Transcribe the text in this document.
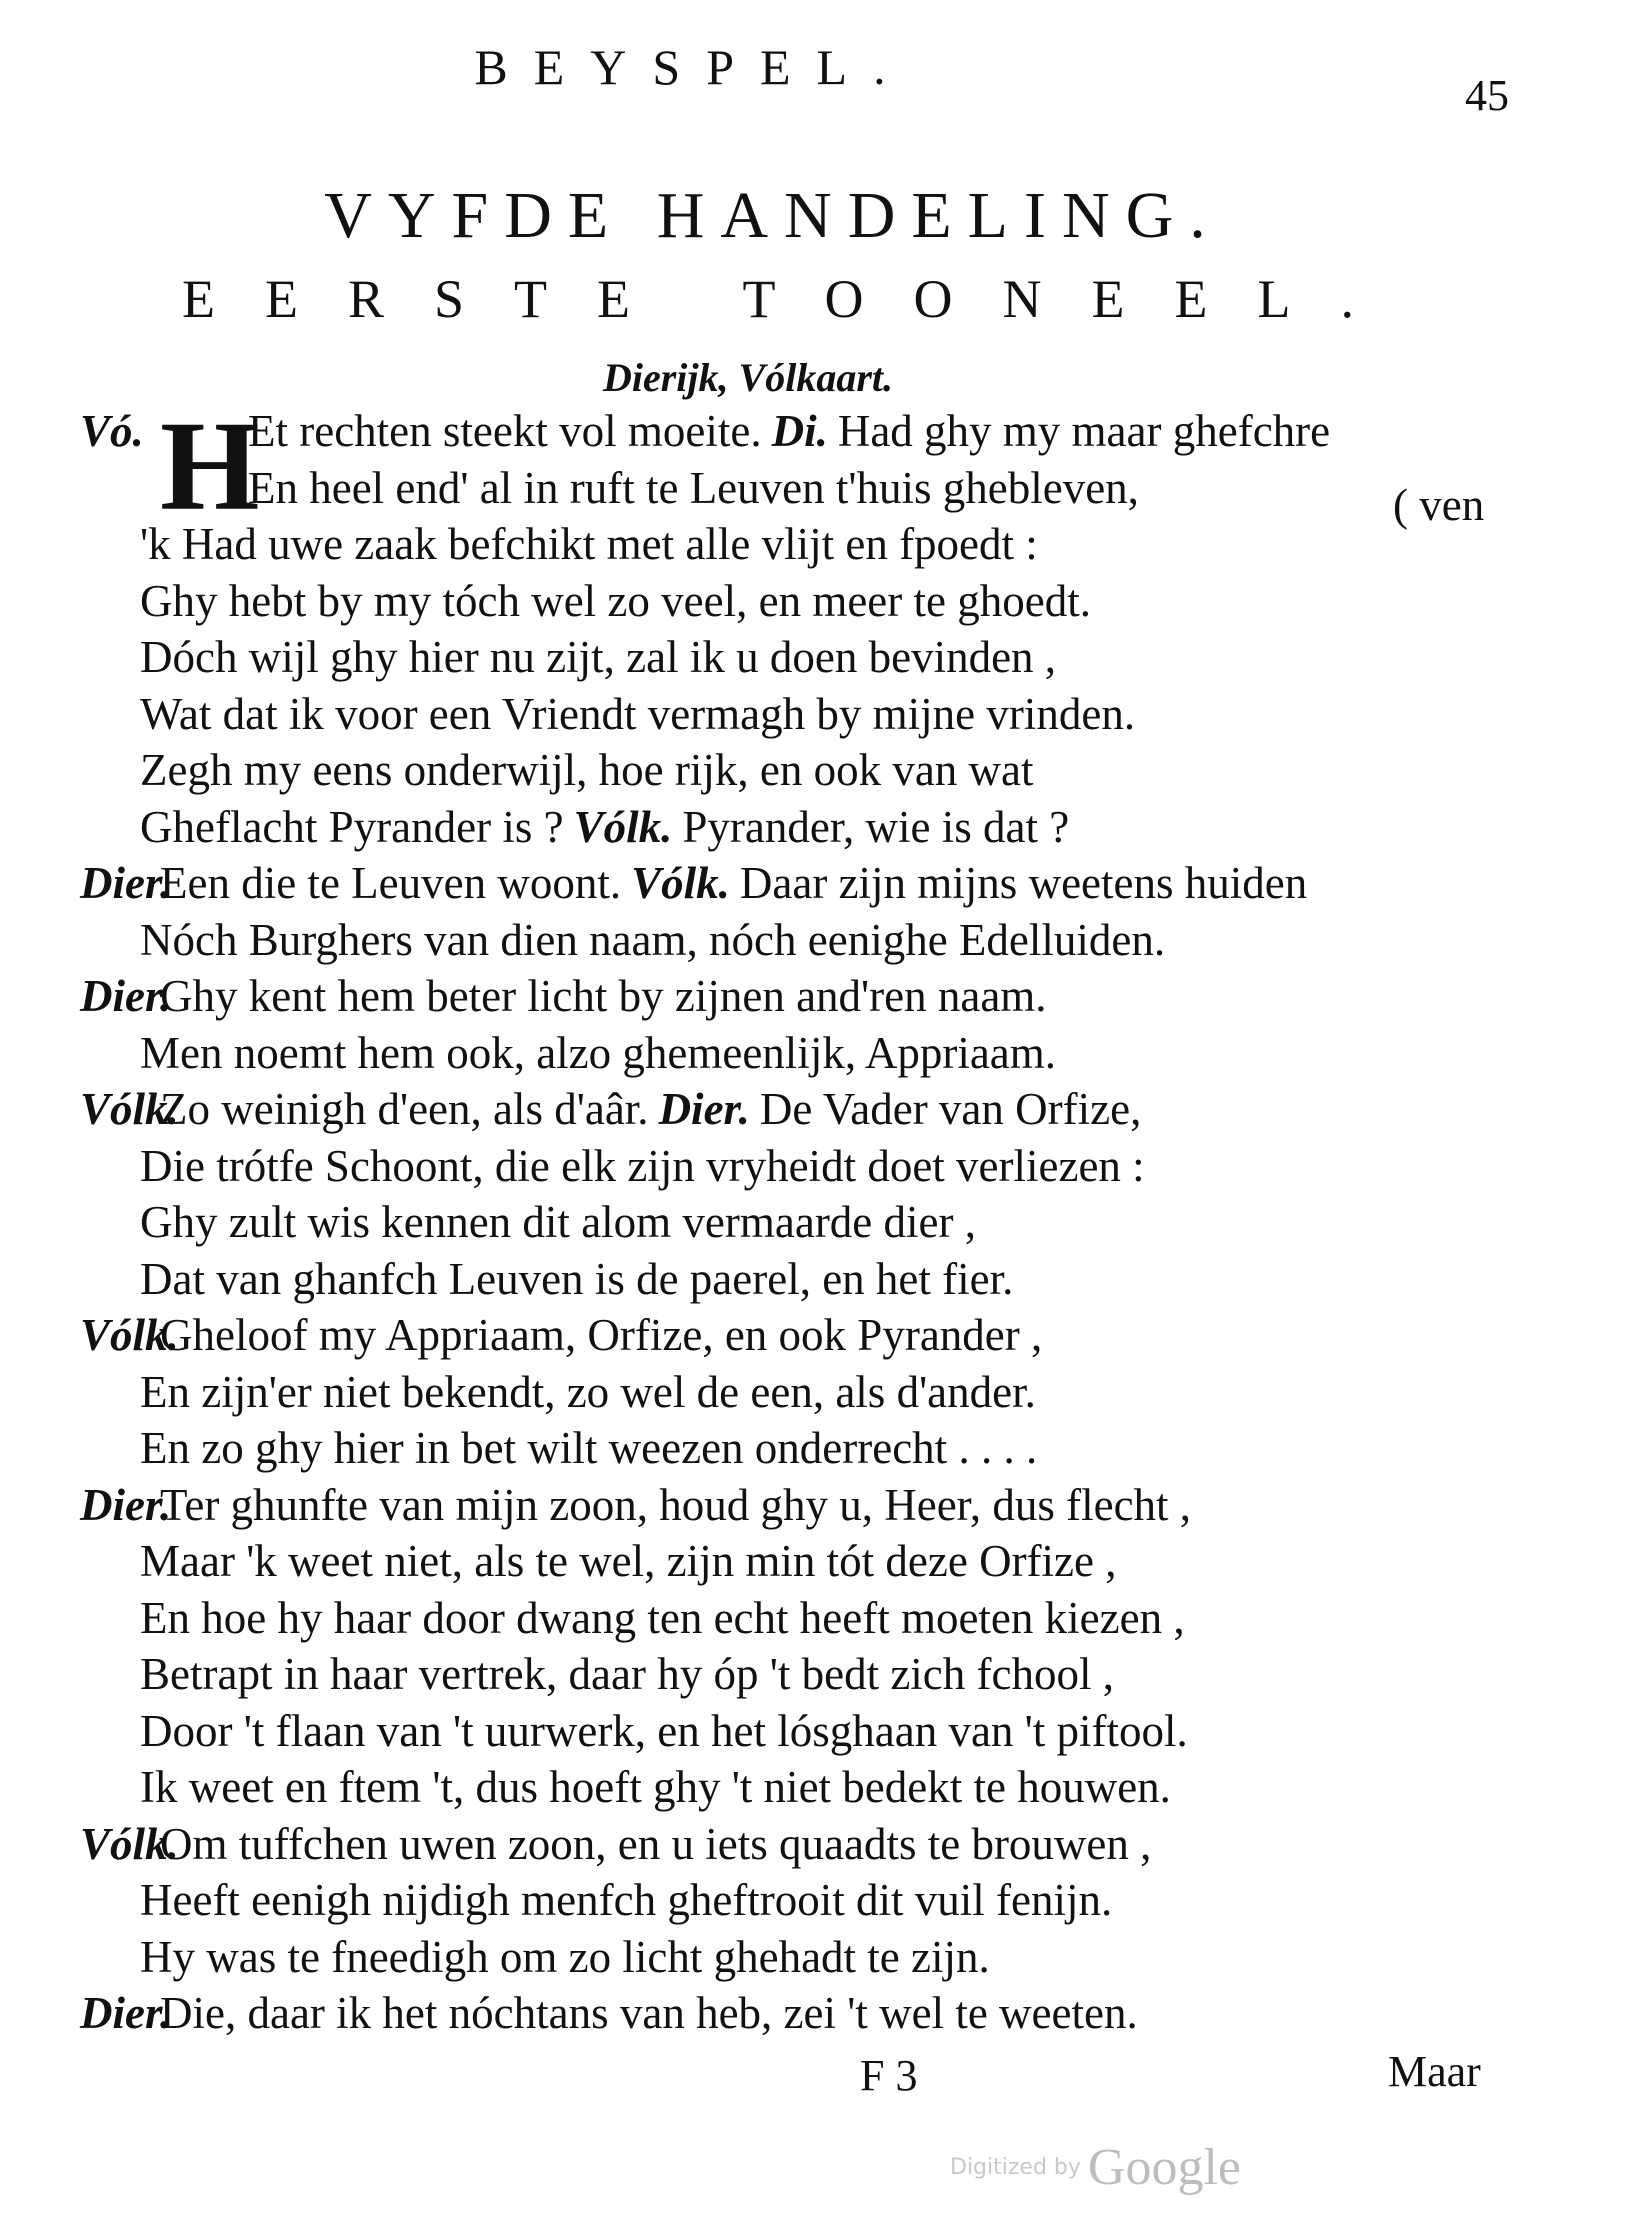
BEYSPEL.
45
VYFDE HANDELING.
EERSTE TOONEEL.
Dierijk, Vólkaart.
H	( ven
Vó. Et rechten steekt vol moeite. Di. Had ghy my maar ghefchre
En heel end' al in ruft te Leuven t'huis ghebleven,
'k Had uwe zaak befchikt met alle vlijt en fpoedt :
Ghy hebt by my tóch wel zo veel, en meer te ghoedt.
Dóch wijl ghy hier nu zijt, zal ik u doen bevinden ,
Wat dat ik voor een Vriendt vermagh by mijne vrinden.
Zegh my eens onderwijl, hoe rijk, en ook van wat
Gheflacht Pyrander is ? Vólk. Pyrander, wie is dat ?
Dier.Een die te Leuven woont. Vólk. Daar zijn mijns weetens huiden
Nóch Burghers van dien naam, nóch eenighe Edelluiden.
Dier.Ghy kent hem beter licht by zijnen and'ren naam.
Men noemt hem ook, alzo ghemeenlijk, Appriaam.
Vólk.Zo weinigh d'een, als d'aâr. Dier. De Vader van Orfize,
Die trótfe Schoont, die elk zijn vryheidt doet verliezen :
Ghy zult wis kennen dit alom vermaarde dier ,
Dat van ghanfch Leuven is de paerel, en het fier.
Vólk.Gheloof my Appriaam, Orfize, en ook Pyrander ,
En zijn'er niet bekendt, zo wel de een, als d'ander.
En zo ghy hier in bet wilt weezen onderrecht . . . .
Dier.Ter ghunfte van mijn zoon, houd ghy u, Heer, dus flecht ,
Maar 'k weet niet, als te wel, zijn min tót deze Orfize ,
En hoe hy haar door dwang ten echt heeft moeten kiezen ,
Betrapt in haar vertrek, daar hy óp 't bedt zich fchool ,
Door 't flaan van 't uurwerk, en het lósghaan van 't piftool.
Ik weet en ftem 't, dus hoeft ghy 't niet bedekt te houwen.
Vólk.Om tuffchen uwen zoon, en u iets quaadts te brouwen ,
Heeft eenigh nijdigh menfch gheftrooit dit vuil fenijn.
Hy was te fneedigh om zo licht ghehadt te zijn.
Dier.Die, daar ik het nóchtans van heb, zei 't wel te weeten.
F 3	Maar
Digitized by Google
